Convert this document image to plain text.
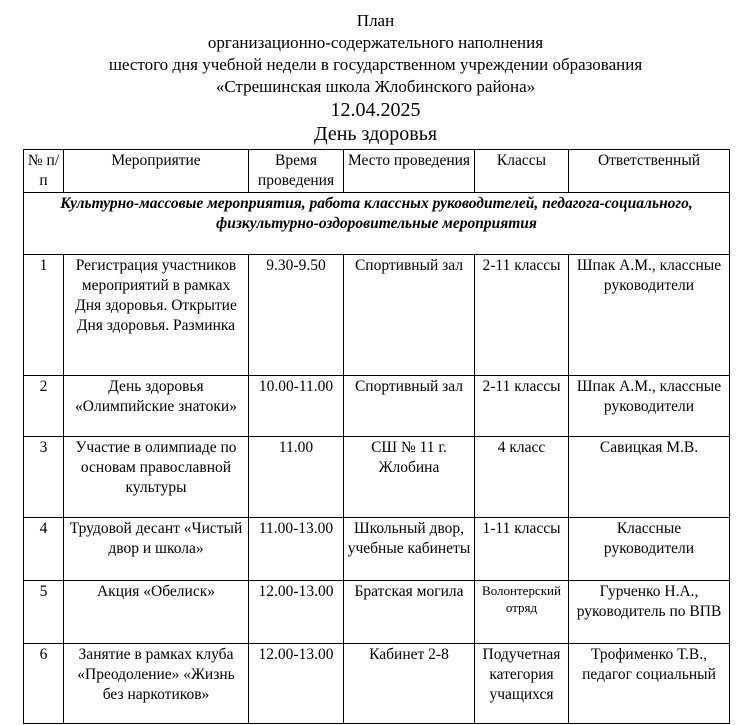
План
организационно-содержательного наполнения
шестого дня учебной недели в государственном учреждении образования
«Стрешинская школа Жлобинского района»
12.04.2025
День здоровья
№ п/п	Мероприятие	Время проведения	Место проведения	Классы	Ответственный
Культурно-массовые мероприятия, работа классных руководителей, педагога-социального, физкультурно-оздоровительные мероприятия					
1	Регистрация участников мероприятий в рамках Дня здоровья. Открытие Дня здоровья. Разминка	9.30-9.50	Спортивный зал	2-11 классы	Шпак А.М., классные руководители
2	День здоровья «Олимпийские знатоки»	10.00-11.00	Спортивный зал	2-11 классы	Шпак А.М., классные руководители
3	Участие в олимпиаде по основам православной культуры	11.00	СШ № 11 г. Жлобина	4 класс	Савицкая М.В.
4	Трудовой десант «Чистый двор и школа»	11.00-13.00	Школьный двор, учебные кабинеты	1-11 классы	Классные руководители
5	Акция «Обелиск»	12.00-13.00	Братская могила	Волонтерский отряд	Гурченко Н.А., руководитель по ВПВ
6	Занятие в рамках клуба «Преодоление» «Жизнь без наркотиков»	12.00-13.00	Кабинет 2-8	Подучетная категория учащихся	Трофименко Т.В., педагог социальный
